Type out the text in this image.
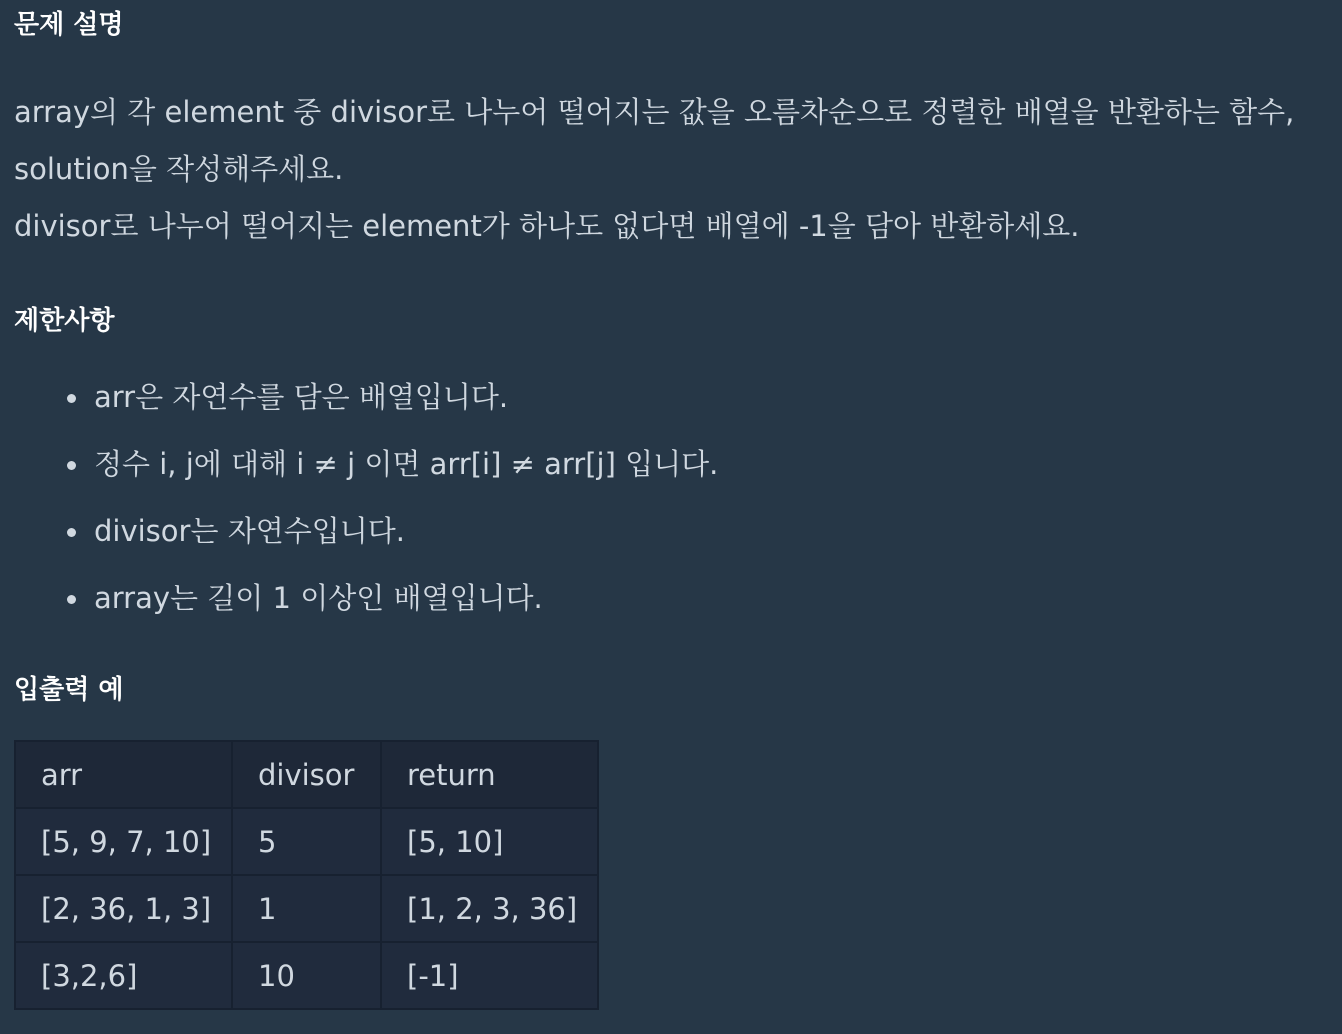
문제 설명

array의 각 element 중 divisor로 나누어 떨어지는 값을 오름차순으로 정렬한 배열을 반환하는 함수,
solution을 작성해주세요.
divisor로 나누어 떨어지는 element가 하나도 없다면 배열에 -1을 담아 반환하세요.

제한사항
arr은 자연수를 담은 배열입니다.
정수 i, j에 대해 i ≠ j 이면 arr[i] ≠ arr[j] 입니다.
divisor는 자연수입니다.
array는 길이 1 이상인 배열입니다.
입출력 예
arr	divisor	return
[5, 9, 7, 10]	5	[5, 10]
[2, 36, 1, 3]	1	[1, 2, 3, 36]
[3,2,6]	10	[-1]
